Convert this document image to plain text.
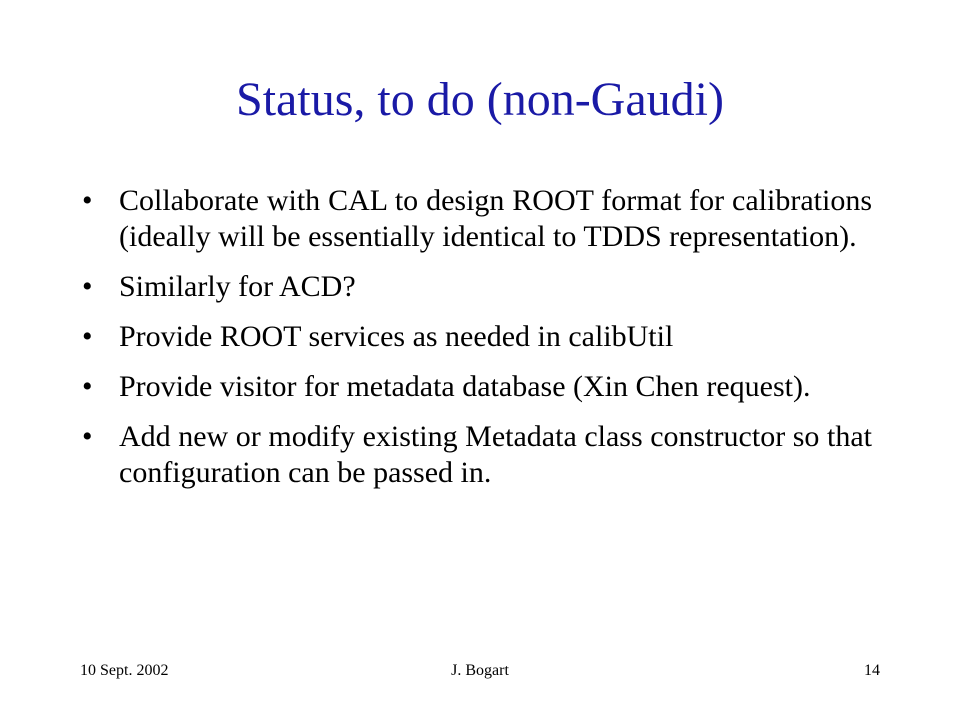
Status, to do (non-Gaudi)
• Collaborate with CAL to design ROOT format for calibrations (ideally will be essentially identical to TDDS representation).
• Similarly for ACD?
• Provide ROOT services as needed in calibUtil
• Provide visitor for metadata database (Xin Chen request).
• Add new or modify existing Metadata class constructor so that configuration can be passed in.
10 Sept. 2002	J. Bogart	14
